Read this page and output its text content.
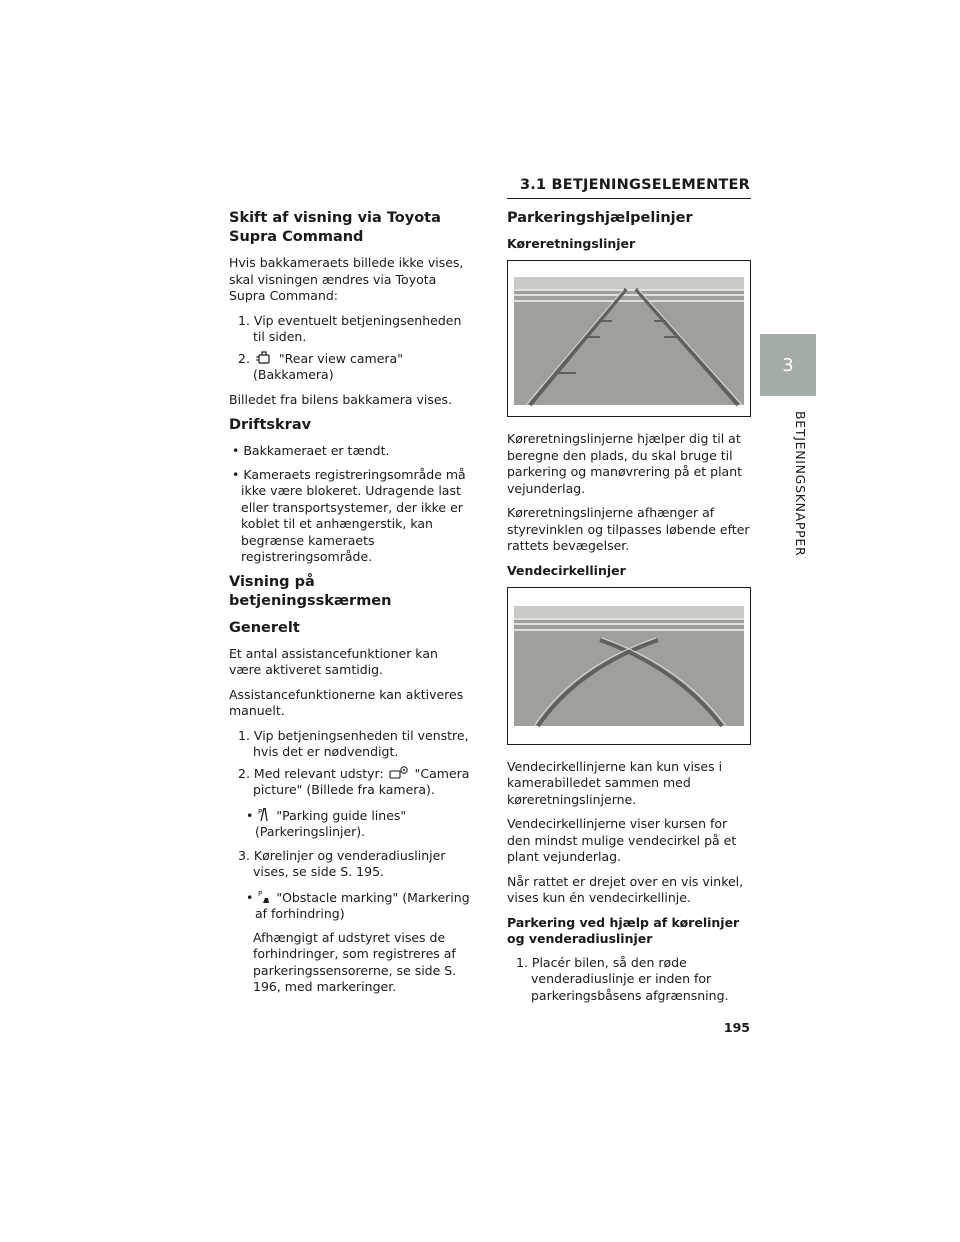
3.1 BETJENINGSELEMENTER
3
BETJENINGSKNAPPER
Skift af visning via Toyota Supra Command

Hvis bakkameraets billede ikke vises, skal visningen ændres via Toyota Supra Command:

1. Vip eventuelt betjeningsenheden til siden.
2. "Rear view camera" (Bakkamera)

Billedet fra bilens bakkamera vises.

Driftskrav
• Bakkameraet er tændt.
• Kameraets registreringsområde må ikke være blokeret. Udragende last eller transportsystemer, der ikke er koblet til et anhængerstik, kan begrænse kameraets registreringsområde.
Visning på betjeningsskærmen
Generelt

Et antal assistancefunktioner kan være aktiveret samtidig.

Assistancefunktionerne kan aktiveres manuelt.

1. Vip betjeningsenheden til venstre, hvis det er nødvendigt.
2. Med relevant udstyr: "Camera picture" (Billede fra kamera).
• P "Parking guide lines" (Parkeringslinjer).
3. Kørelinjer og venderadiuslinjer vises, se side S. 195.
• P "Obstacle marking" (Markering af forhindring)

Afhængigt af udstyret vises de forhindringer, som registreres af parkeringssensorerne, se side S. 196, med markeringer.

Parkeringshjælpelinjer
Køreretningslinjer

Køreretningslinjerne hjælper dig til at beregne den plads, du skal bruge til parkering og manøvrering på et plant vejunderlag.

Køreretningslinjerne afhænger af styrevinklen og tilpasses løbende efter rattets bevægelser.

Vendecirkellinjer

Vendecirkellinjerne kan kun vises i kamerabilledet sammen med køreretningslinjerne.

Vendecirkellinjerne viser kursen for den mindst mulige vendecirkel på et plant vejunderlag.

Når rattet er drejet over en vis vinkel, vises kun én vendecirkellinje.

Parkering ved hjælp af kørelinjer og venderadiuslinjer
1. Placér bilen, så den røde venderadiuslinje er inden for parkeringsbåsens afgrænsning.
195
